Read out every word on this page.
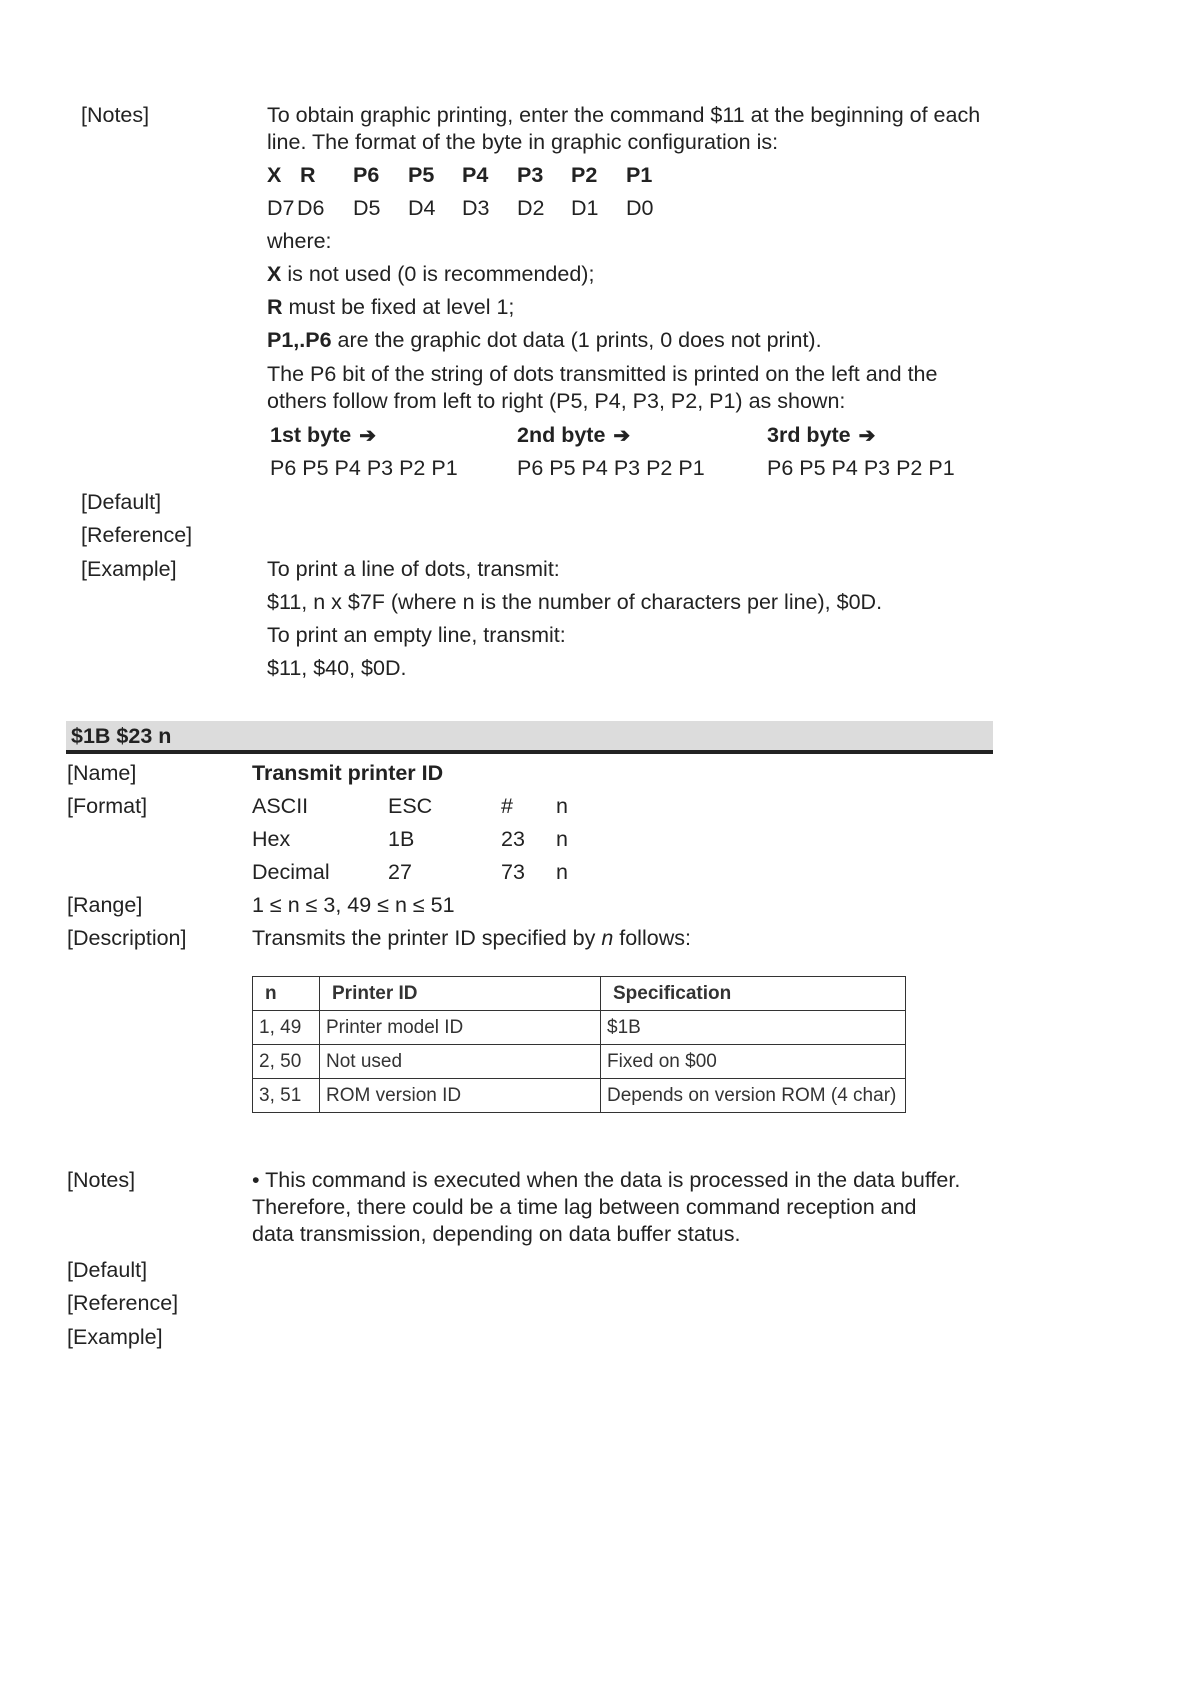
[Notes]	To obtain graphic printing, enter the command $11 at the beginning of each
line. The format of the byte in graphic configuration is:
X R P6 P5 P4 P3 P2 P1
D7 D6 D5 D4 D3 D2 D1 D0
where:
X is not used (0 is recommended);
R must be fixed at level 1;
P1,.P6 are the graphic dot data (1 prints, 0 does not print).
The P6 bit of the string of dots transmitted is printed on the left and the
others follow from left to right (P5, P4, P3, P2, P1) as shown:
1st byte ➔	2nd byte ➔	3rd byte ➔
P6 P5 P4 P3 P2 P1	P6 P5 P4 P3 P2 P1	P6 P5 P4 P3 P2 P1
[Default]
[Reference]
[Example]	To print a line of dots, transmit:
$11, n x $7F (where n is the number of characters per line), $0D.
To print an empty line, transmit:
$11, $40, $0D.
$1B $23 n
[Name]	Transmit printer ID
[Format]	ASCII	ESC	# n
Hex	1B	23 n
Decimal	27	73 n
[Range]	1 ≤ n ≤ 3, 49 ≤ n ≤ 51
[Description]	Transmits the printer ID specified by n follows:
n	Printer ID	Specification
1, 49	Printer model ID	$1B
2, 50	Not used	Fixed on $00
3, 51	ROM version ID	Depends on version ROM (4 char)
[Notes]	• This command is executed when the data is processed in the data buffer.
Therefore, there could be a time lag between command reception and
data transmission, depending on data buffer status.
[Default]
[Reference]
[Example]
